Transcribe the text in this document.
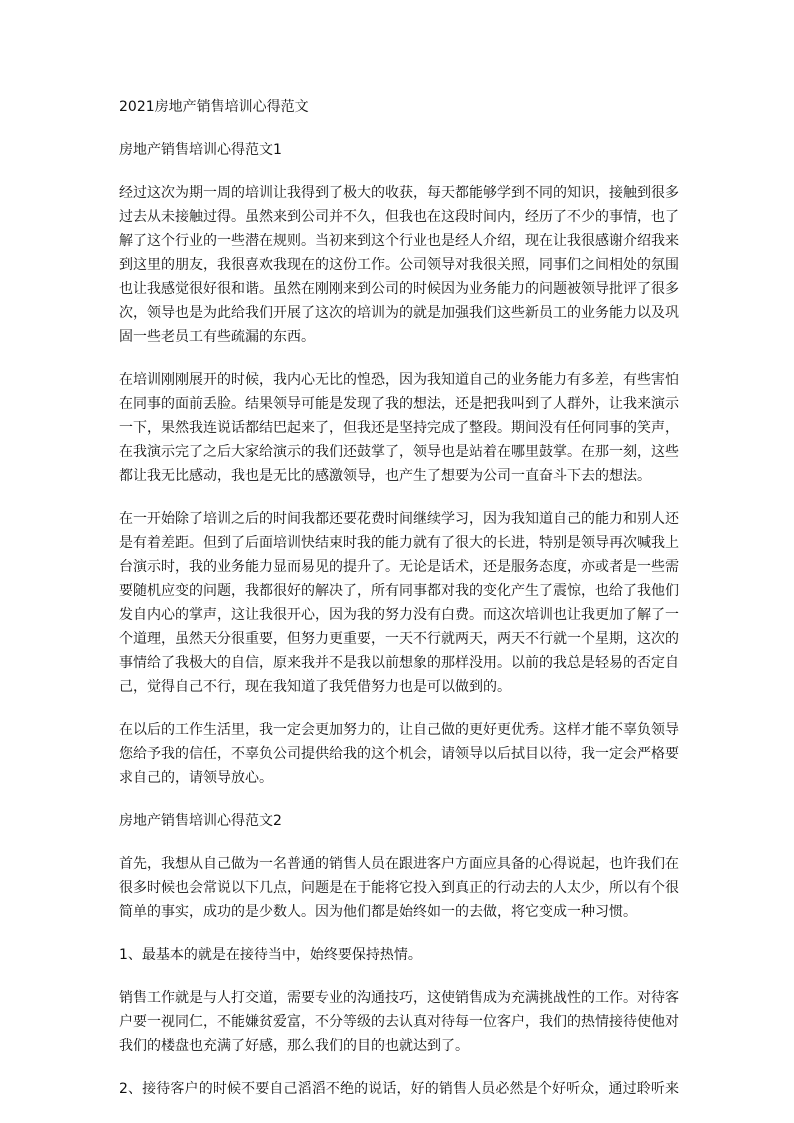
2021房地产销售培训心得范文
房地产销售培训心得范文1
经过这次为期一周的培训让我得到了极大的收获，每天都能够学到不同的知识，接触到很多
过去从未接触过得。虽然来到公司并不久，但我也在这段时间内，经历了不少的事情，也了
解了这个行业的一些潜在规则。当初来到这个行业也是经人介绍，现在让我很感谢介绍我来
到这里的朋友，我很喜欢我现在的这份工作。公司领导对我很关照，同事们之间相处的氛围
也让我感觉很好很和谐。虽然在刚刚来到公司的时候因为业务能力的问题被领导批评了很多
次，领导也是为此给我们开展了这次的培训为的就是加强我们这些新员工的业务能力以及巩
固一些老员工有些疏漏的东西。
在培训刚刚展开的时候，我内心无比的惶恐，因为我知道自己的业务能力有多差，有些害怕
在同事的面前丢脸。结果领导可能是发现了我的想法，还是把我叫到了人群外，让我来演示
一下，果然我连说话都结巴起来了，但我还是坚持完成了整段。期间没有任何同事的笑声，
在我演示完了之后大家给演示的我们还鼓掌了，领导也是站着在哪里鼓掌。在那一刻，这些
都让我无比感动，我也是无比的感激领导，也产生了想要为公司一直奋斗下去的想法。
在一开始除了培训之后的时间我都还要花费时间继续学习，因为我知道自己的能力和别人还
是有着差距。但到了后面培训快结束时我的能力就有了很大的长进，特别是领导再次喊我上
台演示时，我的业务能力显而易见的提升了。无论是话术，还是服务态度，亦或者是一些需
要随机应变的问题，我都很好的解决了，所有同事都对我的变化产生了震惊，也给了我他们
发自内心的掌声，这让我很开心，因为我的努力没有白费。而这次培训也让我更加了解了一
个道理，虽然天分很重要，但努力更重要，一天不行就两天，两天不行就一个星期，这次的
事情给了我极大的自信，原来我并不是我以前想象的那样没用。以前的我总是轻易的否定自
己，觉得自己不行，现在我知道了我凭借努力也是可以做到的。
在以后的工作生活里，我一定会更加努力的，让自己做的更好更优秀。这样才能不辜负领导
您给予我的信任，不辜负公司提供给我的这个机会，请领导以后拭目以待，我一定会严格要
求自己的，请领导放心。
房地产销售培训心得范文2
首先，我想从自己做为一名普通的销售人员在跟进客户方面应具备的心得说起，也许我们在
很多时候也会常说以下几点，问题是在于能将它投入到真正的行动去的人太少，所以有个很
简单的事实，成功的是少数人。因为他们都是始终如一的去做，将它变成一种习惯。
1、最基本的就是在接待当中，始终要保持热情。
销售工作就是与人打交道，需要专业的沟通技巧，这使销售成为充满挑战性的工作。对待客
户要一视同仁，不能嫌贫爱富，不分等级的去认真对待每一位客户，我们的热情接待使他对
我们的楼盘也充满了好感，那么我们的目的也就达到了。
2、接待客户的时候不要自己滔滔不绝的说话，好的销售人员必然是个好听众，通过聆听来
